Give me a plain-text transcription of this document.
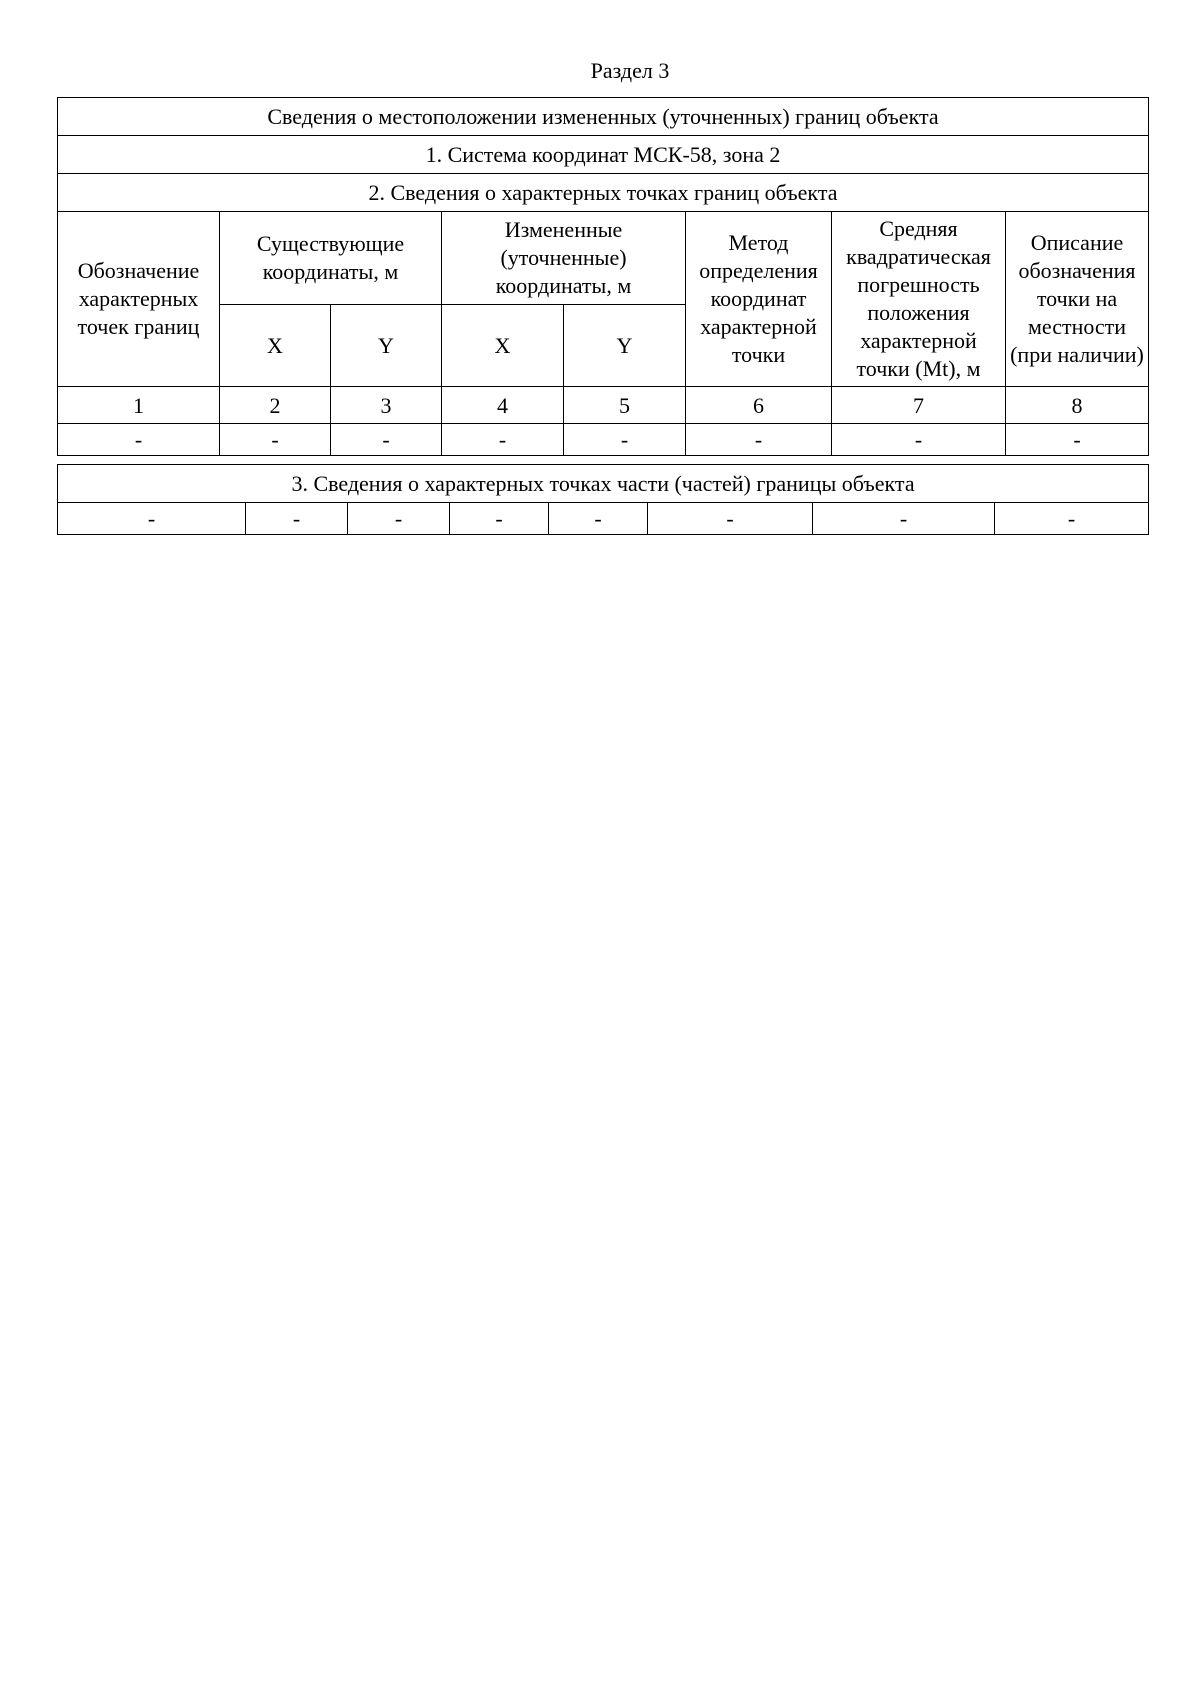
Раздел 3
Сведения о местоположении измененных (уточненных) границ объекта							
1. Система координат МСК-58, зона 2							
2. Сведения о характерных точках границ объекта							
Обозначение характерных точек границ	Существующие координаты, м		Измененные (уточненные) координаты, м		Метод определения координат характерной точки	Средняя квадратическая погрешность положения характерной точки (Mt), м	Описание обозначения точки на местности (при наличии)
	X	Y	X	Y			
1	2	3	4	5	6	7	8
-	-	-	-	-	-	-	-
3. Сведения о характерных точках части (частей) границы объекта
-	-	-	-	-	-	-	-
